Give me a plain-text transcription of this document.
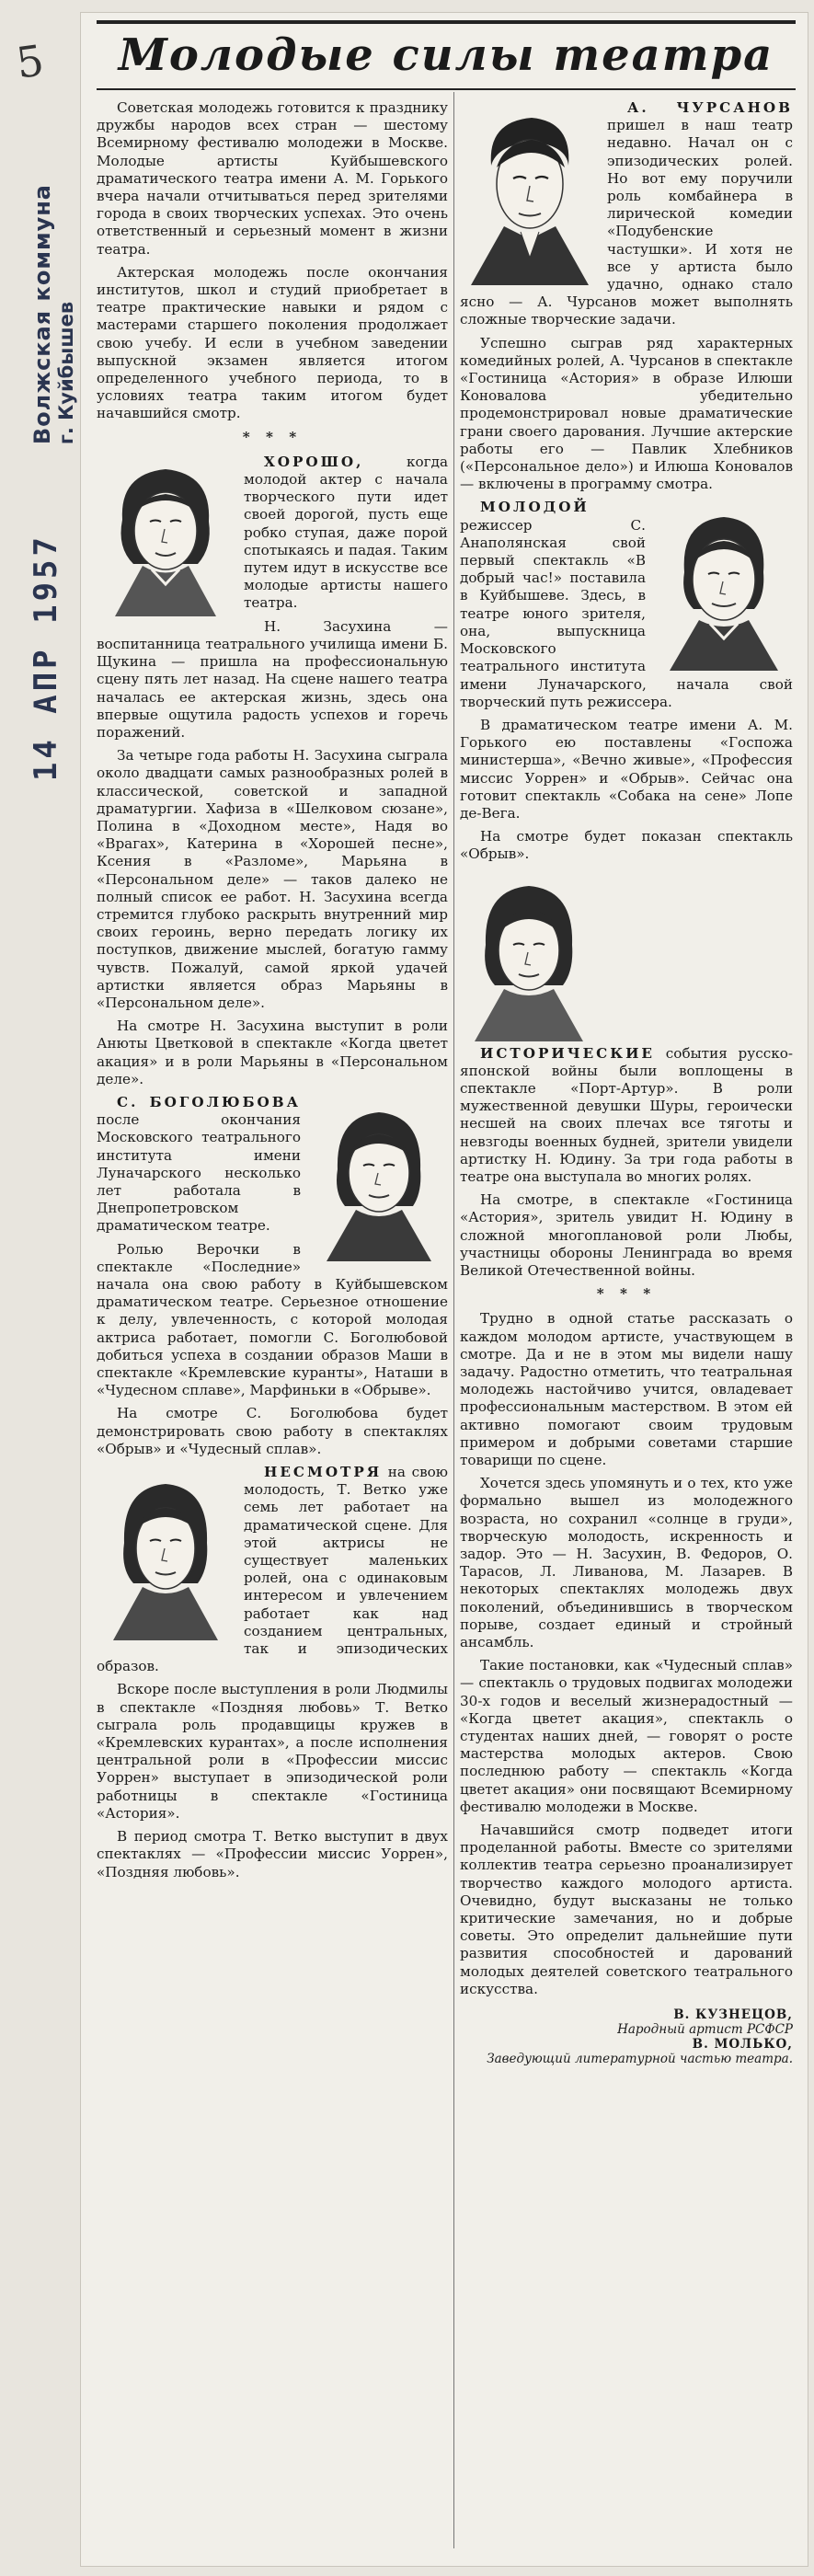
5
Волжская коммуна г. Куйбышев
14 АПР 1957
Молодые силы театра

Советская молодежь готовится к празднику дружбы народов всех стран — шестому Всемирному фестивалю молодежи в Москве. Молодые артисты Куйбышевского драматического театра имени А. М. Горького вчера начали отчитываться перед зрителями города в своих творческих успехах. Это очень ответственный и серьезный момент в жизни театра.

Актерская молодежь после окончания институтов, школ и студий приобретает в театре практические навыки и рядом с мастерами старшего поколения продолжает свою учебу. И если в учебном заведении выпускной экзамен является итогом определенного учебного периода, то в условиях театра таким итогом будет начавшийся смотр.

* * *

ХОРОШО,	когда молодой актер с начала творческого пути идет своей дорогой, пусть еще робко ступая, даже порой спотыкаясь и падая. Таким путем идут в искусстве все молодые артисты нашего театра.

Н. Засухина — воспитанница театрального училища имени Б. Щукина — пришла на профессиональную сцену пять лет назад. На сцене нашего театра началась ее актерская жизнь, здесь она впервые ощутила радость успехов и горечь поражений.

За четыре года работы Н. Засухина сыграла около двадцати самых разнообразных ролей в классической, советской и западной драматургии. Хафиза в «Шелковом сюзане», Полина в «Доходном месте», Надя во «Врагах», Катерина в «Хорошей песне», Ксения в «Разломе», Марьяна в «Персональном деле» — таков далеко не полный список ее работ. Н. Засухина всегда стремится глубоко раскрыть внутренний мир своих героинь, верно передать логику их поступков, движение мыслей, богатую гамму чувств. Пожалуй, самой яркой удачей артистки является образ Марьяны в «Персональном деле».

На смотре Н. Засухина выступит в роли Анюты Цветковой в спектакле «Когда цветет акация» и в роли Марьяны в «Персональном деле».

С. БОГОЛЮБОВА после окончания Московского театрального института имени Луначарского несколько лет работала в Днепропетровском драматическом театре.

Ролью Верочки в спектакле «Последние» начала она свою работу в Куйбышевском драматическом театре. Серьезное отношение к делу, увлеченность, с которой молодая актриса работает, помогли С. Боголюбовой добиться успеха в создании образов Маши в спектакле «Кремлевские куранты», Наташи в «Чудесном сплаве», Марфиньки в «Обрыве».

На смотре С. Боголюбова будет демонстрировать свою работу в спектаклях «Обрыв» и «Чудесный сплав».

НЕСМОТРЯ на свою молодость, Т. Ветко уже семь лет работает на драматической сцене. Для этой актрисы не существует маленьких ролей, она с одинаковым интересом и увлечением работает как над созданием центральных, так и эпизодических образов.

Вскоре после выступления в роли Людмилы в спектакле «Поздняя любовь» Т. Ветко сыграла роль продавщицы кружев в «Кремлевских курантах», а после исполнения центральной роли в «Профессии миссис Уоррен» выступает в эпизодической роли работницы в спектакле «Гостиница «Астория».

В период смотра Т. Ветко выступит в двух спектаклях — «Профессии миссис Уоррен», «Поздняя любовь».

А. ЧУРСАНОВ пришел в наш театр недавно. Начал он с эпизодических ролей. Но вот ему поручили роль комбайнера в лирической комедии «Подубенские частушки». И хотя не все у артиста было удачно, однако стало ясно — А. Чурсанов может выполнять сложные творческие задачи.

Успешно сыграв ряд характерных комедийных ролей, А. Чурсанов в спектакле «Гостиница «Астория» в образе Илюши Коновалова убедительно продемонстрировал новые драматические грани своего дарования. Лучшие актерские работы его — Павлик Хлебников («Персональное дело») и Илюша Коновалов — включены в программу смотра.

МОЛОДОЙ режиссер С. Анаполянская свой первый спектакль «В добрый час!» поставила в Куйбышеве. Здесь, в театре юного зрителя, она, выпускница Московского театрального института имени Луначарского, начала свой творческий путь режиссера.

В драматическом театре имени А. М. Горького ею поставлены «Госпожа министерша», «Вечно живые», «Профессия миссис Уоррен» и «Обрыв». Сейчас она готовит спектакль «Собака на сене» Лопе де-Вега.

На смотре будет показан спектакль «Обрыв».

ИСТОРИЧЕСКИЕ события русско-японской войны были воплощены в спектакле «Порт-Артур». В роли мужественной девушки Шуры, героически несшей на своих плечах все тяготы и невзгоды военных будней, зрители увидели артистку Н. Юдину. За три года работы в театре она выступала во многих ролях.

На смотре, в спектакле «Гостиница «Астория», зритель увидит Н. Юдину в сложной многоплановой роли Любы, участницы обороны Ленинграда во время Великой Отечественной войны.

* * *

Трудно в одной статье рассказать о каждом молодом артисте, участвующем в смотре. Да и не в этом мы видели нашу задачу. Радостно отметить, что театральная молодежь настойчиво учится, овладевает профессиональным мастерством. В этом ей активно помогают своим трудовым примером и добрыми советами старшие товарищи по сцене.

Хочется здесь упомянуть и о тех, кто уже формально вышел из молодежного возраста, но сохранил «солнце в груди», творческую молодость, искренность и задор. Это — Н. Засухин, В. Федоров, О. Тарасов, Л. Ливанова, М. Лазарев. В некоторых спектаклях молодежь двух поколений, объединившись в творческом порыве, создает единый и стройный ансамбль.

Такие постановки, как «Чудесный сплав» — спектакль о трудовых подвигах молодежи 30-х годов и веселый жизнерадостный — «Когда цветет акация», спектакль о студентах наших дней, — говорят о росте мастерства молодых актеров. Свою последнюю работу — спектакль «Когда цветет акация» они посвящают Всемирному фестивалю молодежи в Москве.

Начавшийся смотр подведет итоги проделанной работы. Вместе со зрителями коллектив театра серьезно проанализирует творчество каждого молодого артиста. Очевидно, будут высказаны не только критические замечания, но и добрые советы. Это определит дальнейшие пути развития способностей и дарований молодых деятелей советского театрального искусства.

В. КУЗНЕЦОВ,
Народный артист РСФСР
В. МОЛЬКО,
Заведующий литературной частью театра.
